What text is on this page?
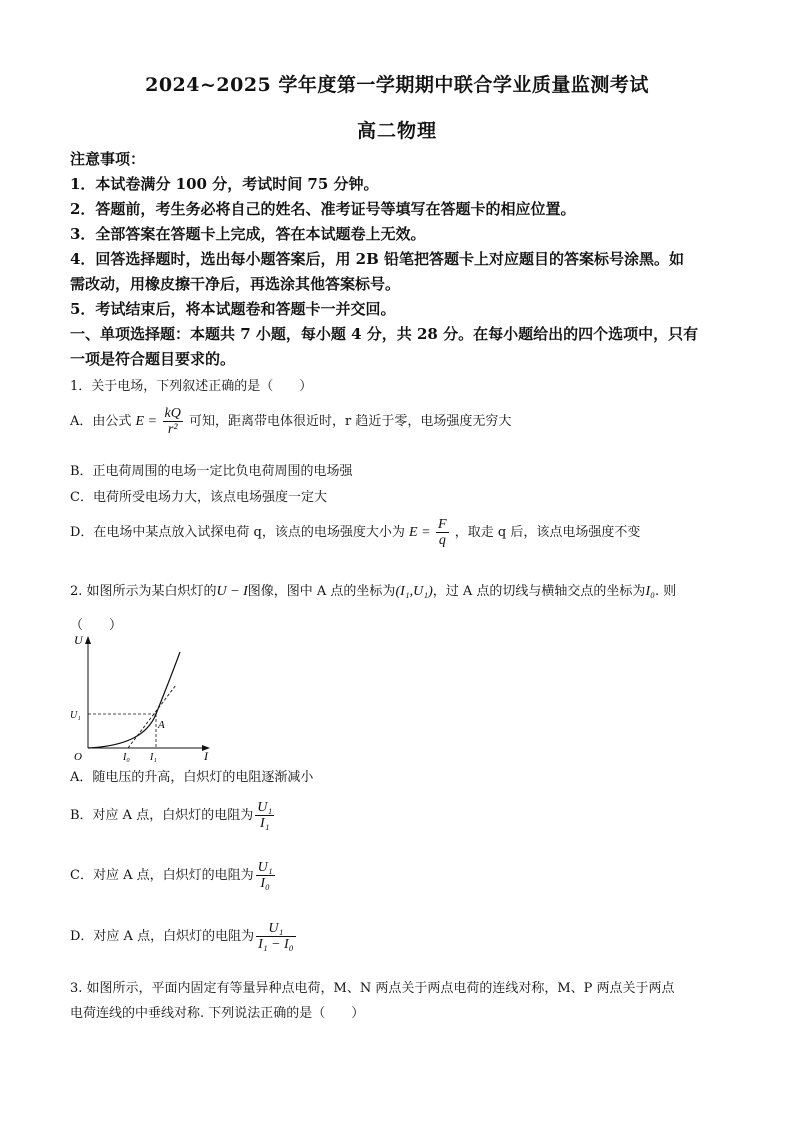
2024~2025 学年度第一学期期中联合学业质量监测考试
高二物理
注意事项：
1．本试卷满分 100 分，考试时间 75 分钟。
2．答题前，考生务必将自己的姓名、准考证号等填写在答题卡的相应位置。
3．全部答案在答题卡上完成，答在本试题卷上无效。
4．回答选择题时，选出每小题答案后，用 2B 铅笔把答题卡上对应题目的答案标号涂黑。如
需改动，用橡皮擦干净后，再选涂其他答案标号。
5．考试结束后，将本试题卷和答题卡一并交回。
一、单项选择题：本题共 7 小题，每小题 4 分，共 28 分。在每小题给出的四个选项中，只有
一项是符合题目要求的。
1．关于电场，下列叙述正确的是（　　）
A．由公式 $E = \frac{kQ}{\text{r²}}$ 可知，距离带电体很近时，r 趋近于零，电场强度无穷大
B．正电荷周围的电场一定比负电荷周围的电场强
C．电荷所受电场力大，该点电场强度一定大
D．在电场中某点放入试探电荷 q，该点的电场强度大小为 $E = \frac{F}{q}$ ，取走 q 后，该点电场强度不变
2. 如图所示为某白炽灯的U − I图像，图中 A 点的坐标为(I₁,U₁)，过 A 点的切线与横轴交点的坐标为I₀. 则
（　　）
U
I
O
U₁
I₀ I₁
A
A．随电压的升高，白炽灯的电阻逐渐减小
B．对应 A 点，白炽灯的电阻为 $\frac{\text{U₁}}{\text{I₁}}$
C．对应 A 点，白炽灯的电阻为 $\frac{\text{U₁}}{\text{I₀}}$
D．对应 A 点，白炽灯的电阻为 $\frac{\text{U₁}}{\text{I₁ − I₀}}$
3. 如图所示，平面内固定有等量异种点电荷，M、N 两点关于两点电荷的连线对称，M、P 两点关于两点
电荷连线的中垂线对称. 下列说法正确的是（　　）
